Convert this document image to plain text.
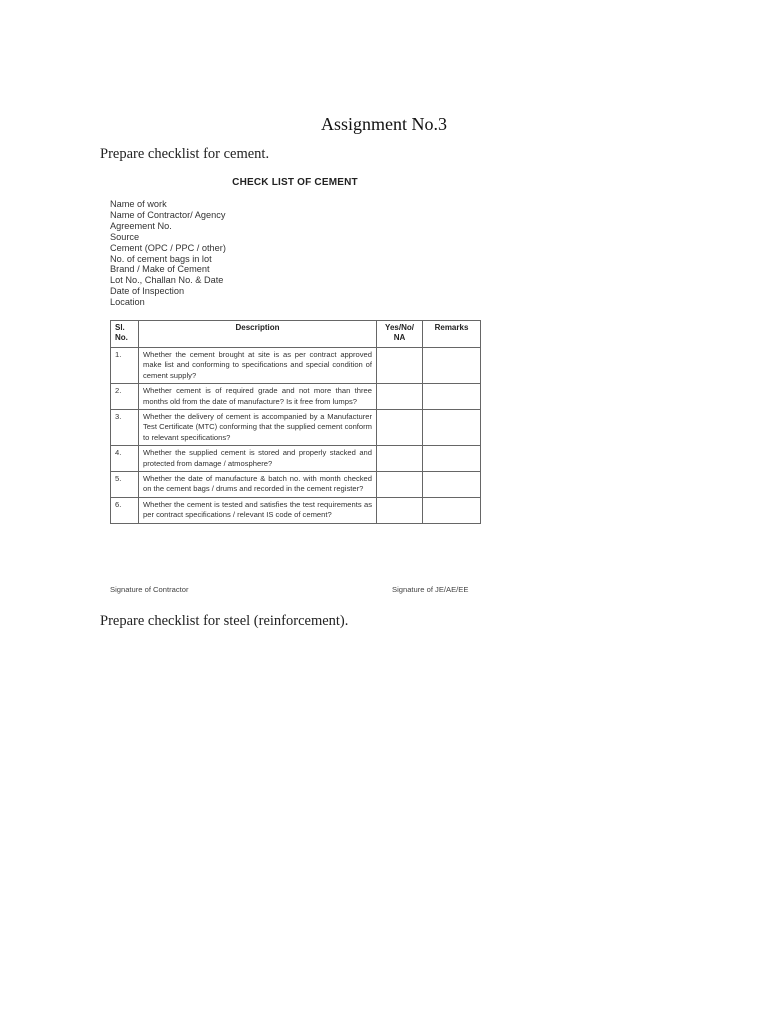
Assignment No.3
Prepare checklist for cement.
CHECK LIST OF CEMENT
Name of work
Name of Contractor/ Agency
Agreement No.
Source
Cement (OPC / PPC / other)
No. of cement bags in lot
Brand / Make of Cement
Lot No., Challan No. & Date
Date of Inspection
Location
Sl. No.	Description	Yes/No/ NA	Remarks
1.	Whether the cement brought at site is as per contract approved make list and conforming to specifications and special condition of cement supply?		
2.	Whether cement is of required grade and not more than three months old from the date of manufacture? Is it free from lumps?		
3.	Whether the delivery of cement is accompanied by a Manufacturer Test Certificate (MTC) conforming that the supplied cement conform to relevant specifications?		
4.	Whether the supplied cement is stored and properly stacked and protected from damage / atmosphere?		
5.	Whether the date of manufacture & batch no. with month checked on the cement bags / drums and recorded in the cement register?		
6.	Whether the cement is tested and satisfies the test requirements as per contract specifications / relevant IS code of cement?		
Signature of Contractor	Signature of JE/AE/EE
Prepare checklist for steel (reinforcement).
